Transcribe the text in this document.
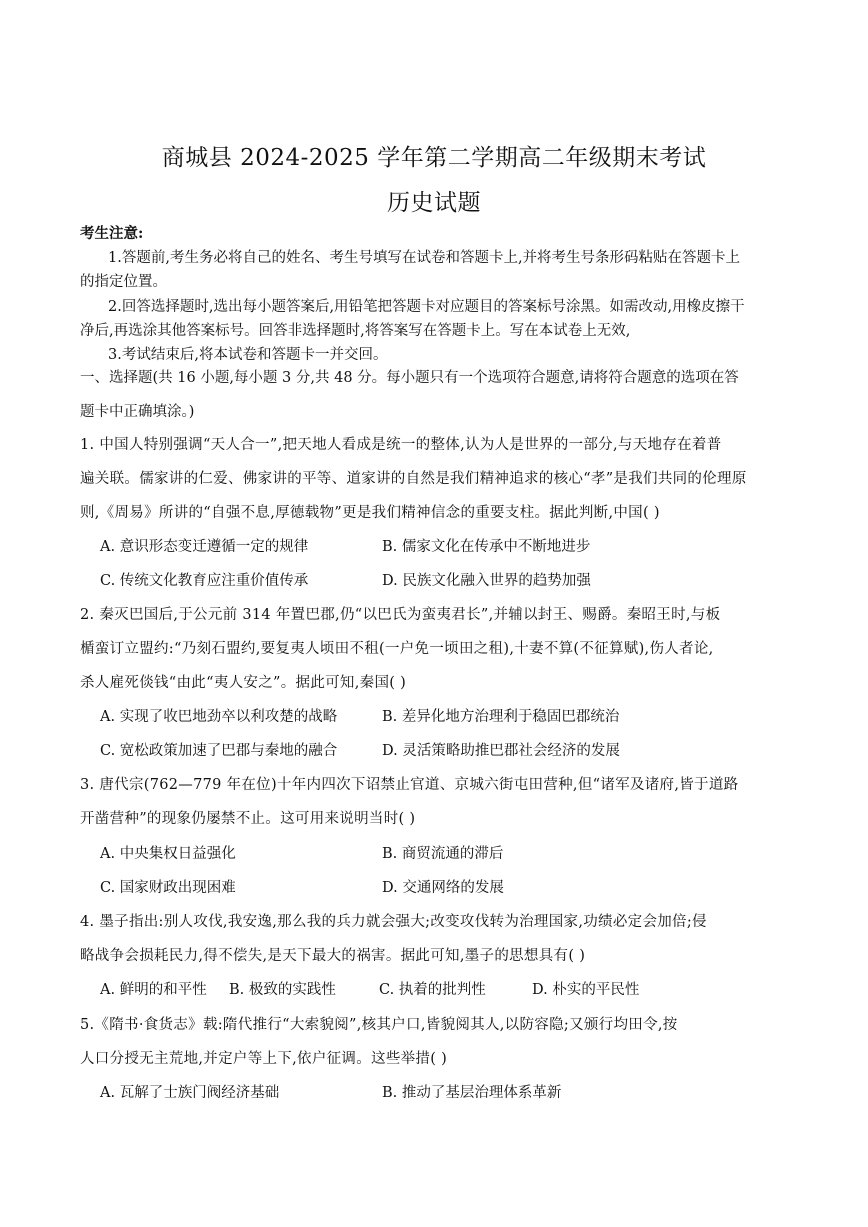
商城县 2024-2025 学年第二学期高二年级期末考试
历史试题
考生注意:
1.答题前,考生务必将自己的姓名、考生号填写在试卷和答题卡上,并将考生号条形码粘贴在答题卡上
的指定位置。
2.回答选择题时,选出每小题答案后,用铅笔把答题卡对应题目的答案标号涂黑。如需改动,用橡皮擦干
净后,再选涂其他答案标号。回答非选择题时,将答案写在答题卡上。写在本试卷上无效,
3.考试结束后,将本试卷和答题卡一并交回。
一、选择题(共 16 小题,每小题 3 分,共 48 分。每小题只有一个选项符合题意,请将符合题意的选项在答
题卡中正确填涂。)
1. 中国人特别强调“天人合一”,把天地人看成是统一的整体,认为人是世界的一部分,与天地存在着普
遍关联。儒家讲的仁爱、佛家讲的平等、道家讲的自然是我们精神追求的核心“孝”是我们共同的伦理原
则,《周易》所讲的“自强不息,厚德载物”更是我们精神信念的重要支柱。据此判断,中国( )
A. 意识形态变迁遵循一定的规律	B. 儒家文化在传承中不断地进步
C. 传统文化教育应注重价值传承	D. 民族文化融入世界的趋势加强
2. 秦灭巴国后,于公元前 314 年置巴郡,仍“以巴氏为蛮夷君长”,并辅以封王、赐爵。秦昭王时,与板
楯蛮订立盟约:“乃刻石盟约,要复夷人顷田不租(一户免一顷田之租),十妻不算(不征算赋),伤人者论,
杀人雇死倓钱“由此“夷人安之”。据此可知,秦国( )
A. 实现了收巴地劲卒以利攻楚的战略	B. 差异化地方治理利于稳固巴郡统治
C. 宽松政策加速了巴郡与秦地的融合	D. 灵活策略助推巴郡社会经济的发展
3. 唐代宗(762—779 年在位)十年内四次下诏禁止官道、京城六街屯田营种,但“诸军及诸府,皆于道路
开凿营种”的现象仍屡禁不止。这可用来说明当时( )
A. 中央集权日益强化	B. 商贸流通的滞后
C. 国家财政出现困难	D. 交通网络的发展
4. 墨子指出:别人攻伐,我安逸,那么我的兵力就会强大;改变攻伐转为治理国家,功绩必定会加倍;侵
略战争会损耗民力,得不偿失,是天下最大的祸害。据此可知,墨子的思想具有( )
A. 鲜明的和平性 B. 极致的实践性	C. 执着的批判性	D. 朴实的平民性
5.《隋书·食货志》载:隋代推行“大索貌阅”,核其户口,皆貌阅其人,以防容隐;又颁行均田令,按
人口分授无主荒地,并定户等上下,依户征调。这些举措( )
A. 瓦解了士族门阀经济基础	B. 推动了基层治理体系革新
